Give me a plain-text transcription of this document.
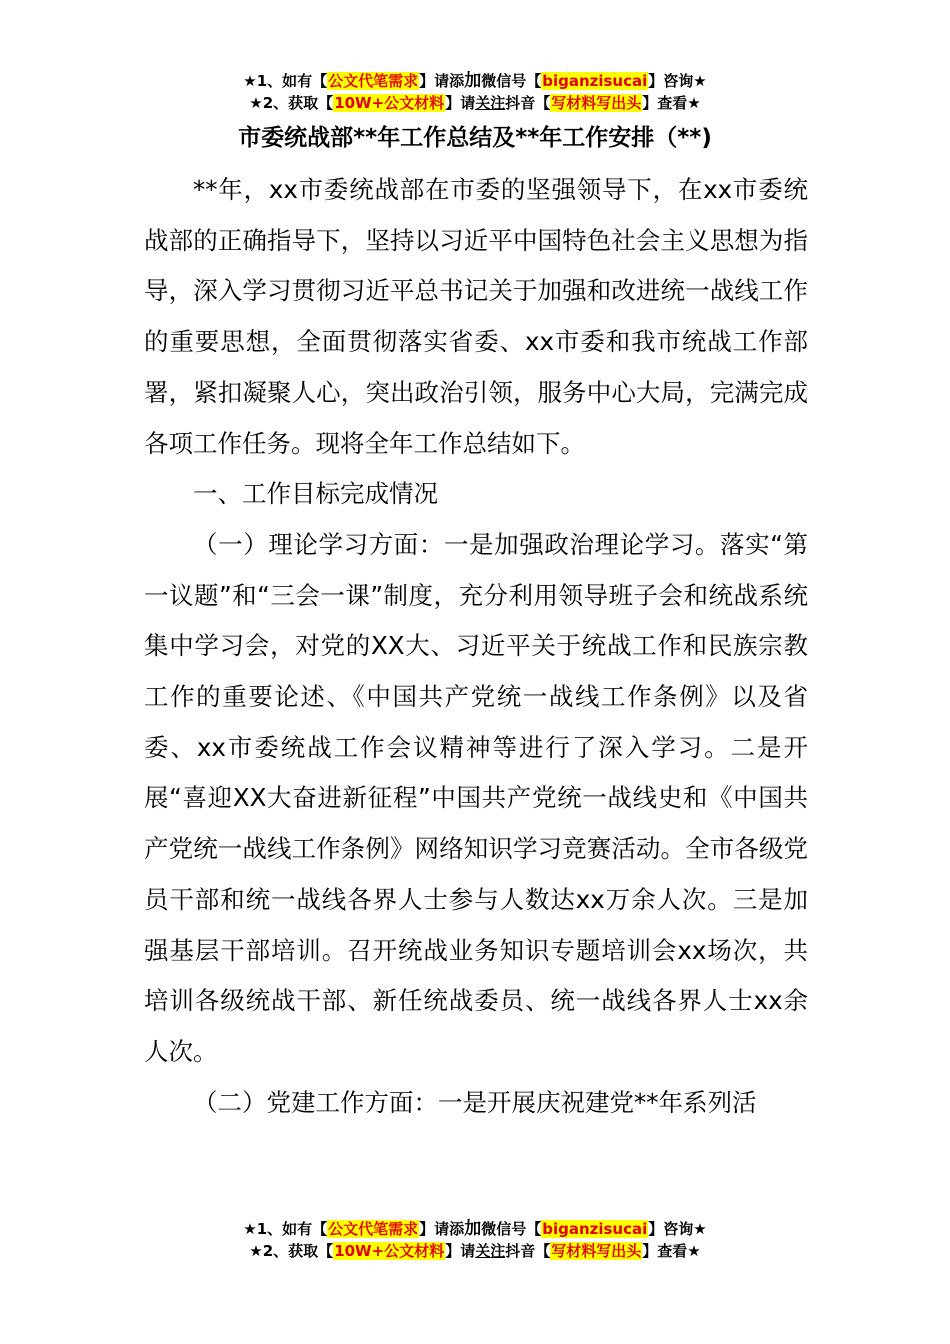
★1、如有【公文代笔需求】请添加微信号【biganzisucai】咨询★
★2、获取【10W+公文材料】请关注抖音【写材料写出头】查看★
市委统战部**年工作总结及**年工作安排（**)

**年，xx市委统战部在市委的坚强领导下，在xx市委统战部的正确指导下，坚持以习近平中国特色社会主义思想为指导，深入学习贯彻习近平总书记关于加强和改进统一战线工作的重要思想，全面贯彻落实省委、xx市委和我市统战工作部署，紧扣凝聚人心，突出政治引领，服务中心大局，完满完成各项工作任务。现将全年工作总结如下。

一、工作目标完成情况

（一）理论学习方面：一是加强政治理论学习。落实“第一议题”和“三会一课”制度，充分利用领导班子会和统战系统集中学习会，对党的XX大、习近平关于统战工作和民族宗教工作的重要论述、《中国共产党统一战线工作条例》以及省委、xx市委统战工作会议精神等进行了深入学习。二是开展“喜迎XX大奋进新征程”中国共产党统一战线史和《中国共产党统一战线工作条例》网络知识学习竞赛活动。全市各级党员干部和统一战线各界人士参与人数达xx万余人次。三是加强基层干部培训。召开统战业务知识专题培训会xx场次，共培训各级统战干部、新任统战委员、统一战线各界人士xx余人次。

（二）党建工作方面：一是开展庆祝建党**年系列活

★1、如有【公文代笔需求】请添加微信号【biganzisucai】咨询★
★2、获取【10W+公文材料】请关注抖音【写材料写出头】查看★
